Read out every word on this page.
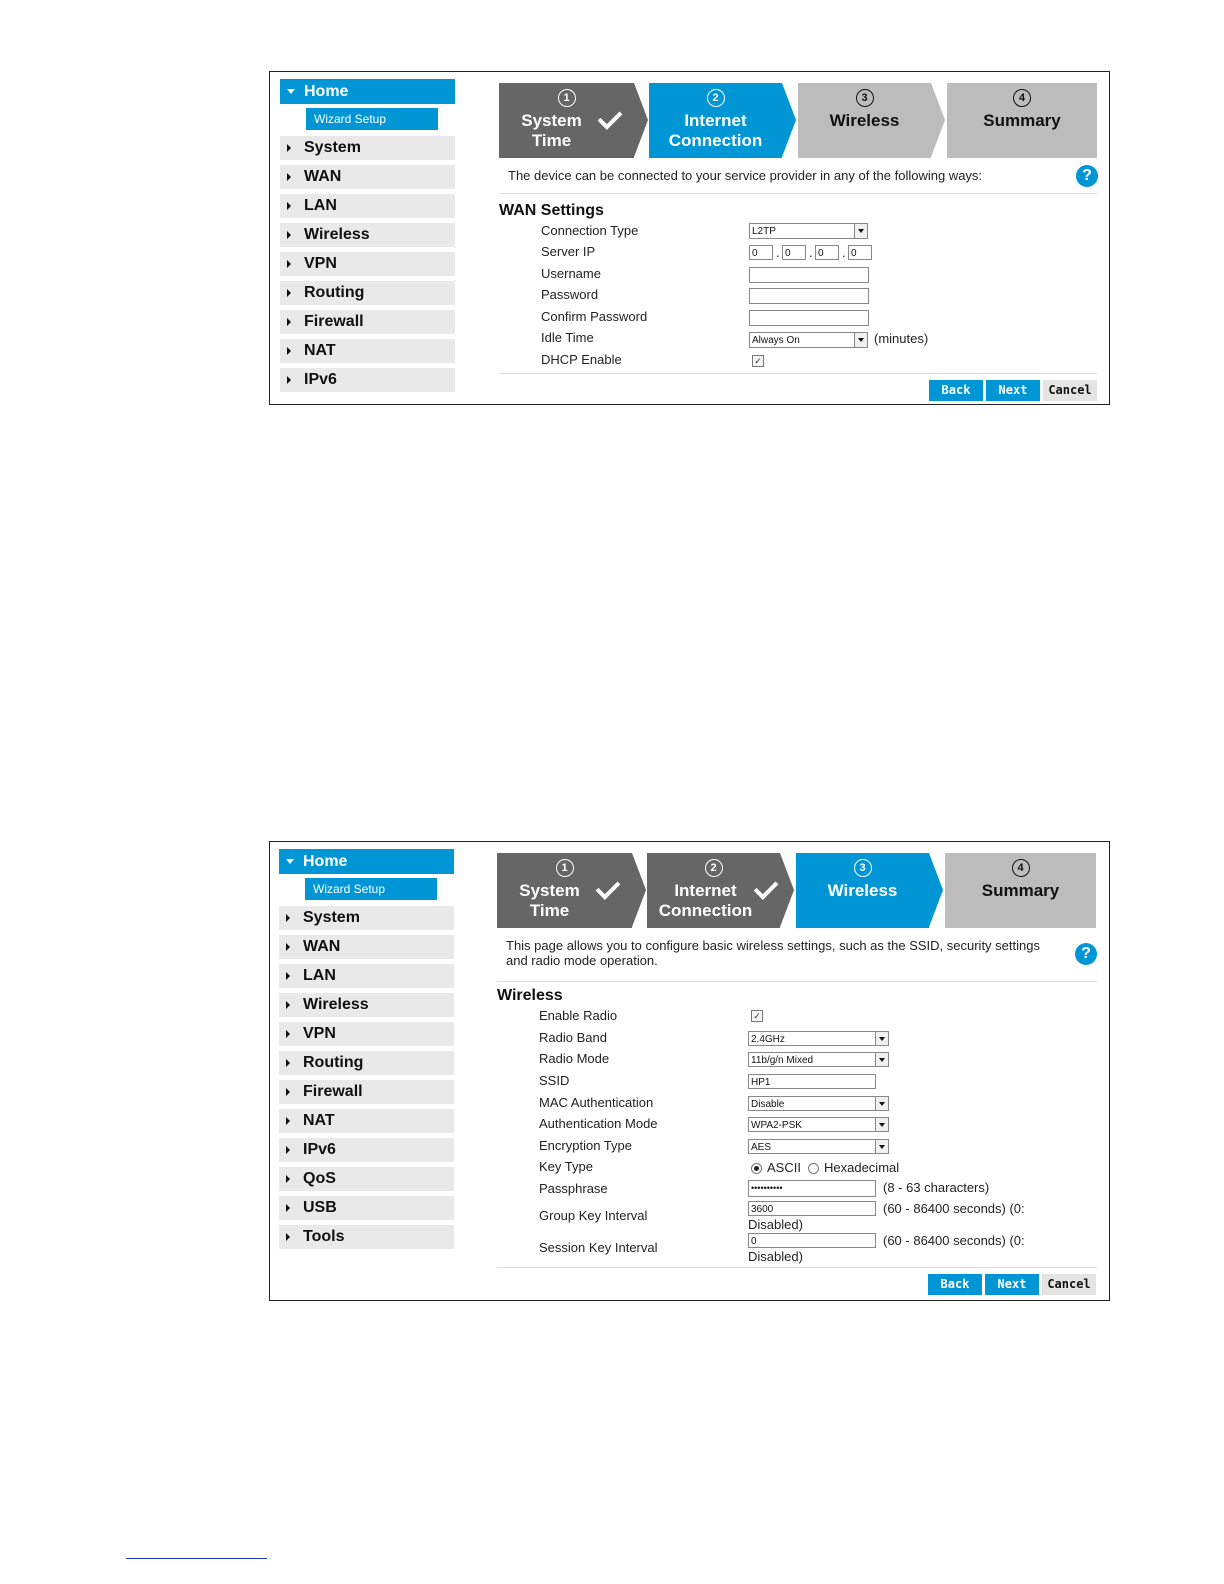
Home
Wizard Setup
System
WAN
LAN
Wireless
VPN
Routing
Firewall
NAT
IPv6
1
System
Time
2
Internet
Connection
3
Wireless
4
Summary
The device can be connected to your service provider in any of the following ways:	?
WAN Settings
Connection Type	L2TP
Server IP	0	. 0	. 0	. 0
Username
Password
Confirm Password
Idle Time	Always On	(minutes)
DHCP Enable	✓
Back	Next	Cancel
Home
Wizard Setup
System
WAN
LAN
Wireless
VPN
Routing
Firewall
NAT
IPv6
QoS
USB
Tools
1
System
Time
2
Internet
Connection
3
Wireless
4
Summary
This page allows you to configure basic wireless settings, such as the SSID, security settings
and radio mode operation.	?
Wireless
Enable Radio	✓
Radio Band	2.4GHz
Radio Mode	11b/g/n Mixed
SSID	HP1
MAC Authentication	Disable
Authentication Mode	WPA2-PSK
Encryption Type	AES
Key Type	ASCII Hexadecimal
Passphrase	••••••••••	(8 - 63 characters)
Group Key Interval	3600	(60 - 86400 seconds) (0:
Disabled)
Session Key Interval	0	(60 - 86400 seconds) (0:
Disabled)
Back	Next	Cancel
